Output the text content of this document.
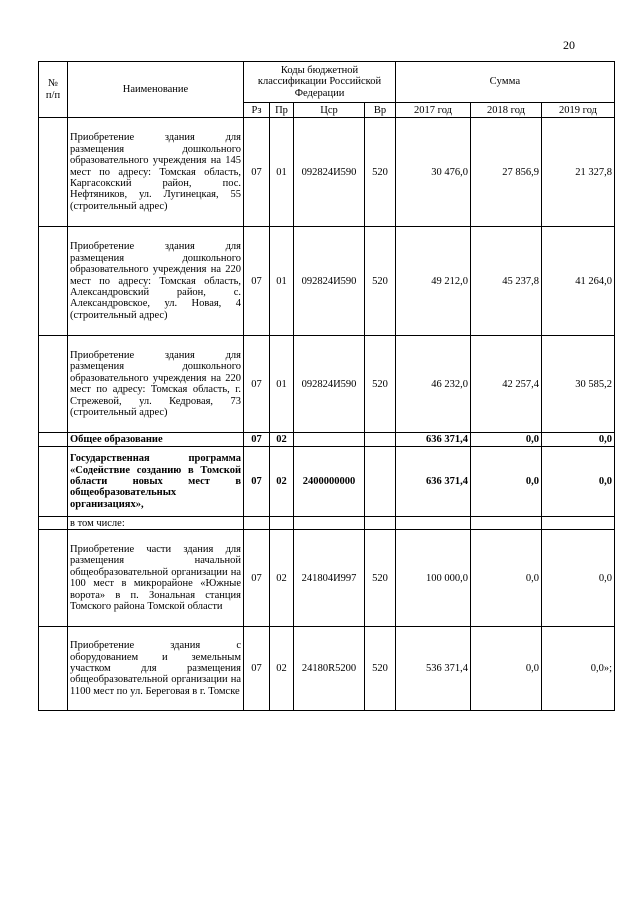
20
№
п/п	Наименование	Коды бюджетной классификации Российской Федерации				Сумма		
		Рз	Пр	Цср	Вр	2017 год	2018 год	2019 год
	Приобретение здания для размещения дошкольного образовательного учреждения на 145 мест по адресу: Томская область, Каргасокский район, пос. Нефтяников, ул. Лугинецкая, 55 (строительный адрес)	07	01	092824И590	520	30 476,0	27 856,9	21 327,8
	Приобретение здания для размещения дошкольного образовательного учреждения на 220 мест по адресу: Томская область, Александровский район, с. Александровское, ул. Новая, 4 (строительный адрес)	07	01	092824И590	520	49 212,0	45 237,8	41 264,0
	Приобретение здания для размещения дошкольного образовательного учреждения на 220 мест по адресу: Томская область, г. Стрежевой, ул. Кедровая, 73 (строительный адрес)	07	01	092824И590	520	46 232,0	42 257,4	30 585,2
	Общее образование	07	02			636 371,4	0,0	0,0
	Государственная программа «Содействие созданию в Томской области новых мест в общеобразовательных организациях»,	07	02	2400000000		636 371,4	0,0	0,0
	в том числе:							
	Приобретение части здания для размещения начальной общеобразовательной организации на 100 мест в микрорайоне «Южные ворота» в п. Зональная станция Томского района Томской области	07	02	241804И997	520	100 000,0	0,0	0,0
	Приобретение здания с оборудованием и земельным участком для размещения общеобразовательной организации на 1100 мест по ул. Береговая в г. Томске	07	02	24180R5200	520	536 371,4	0,0	0,0»;
